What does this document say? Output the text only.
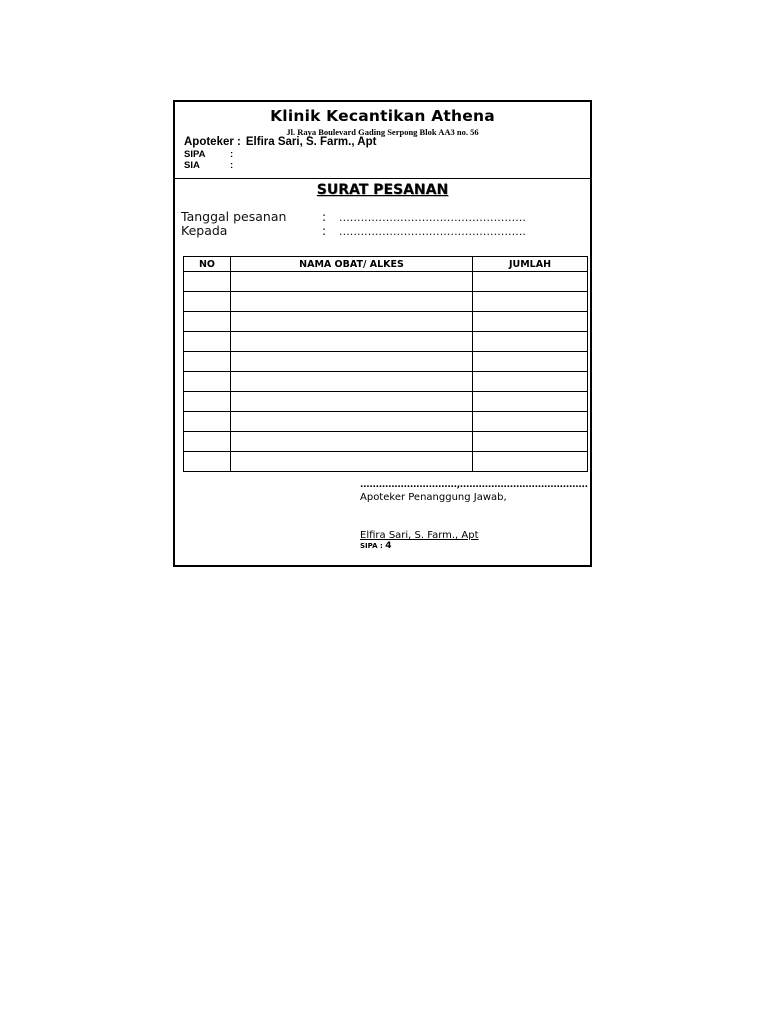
Klinik Kecantikan Athena
Jl. Raya Boulevard Gading Serpong Blok AA3 no. 56
Apoteker : Elfira Sari, S. Farm., Apt
SIPA	:
SIA	:
SURAT PESANAN
Tanggal pesanan	: ....................................................
Kepada	: ....................................................
NO	NAMA OBAT/ ALKES	JUMLAH

...............................,.........................................
Apoteker Penanggung Jawab,
Elfira Sari, S. Farm., Apt
SIPA : 4
